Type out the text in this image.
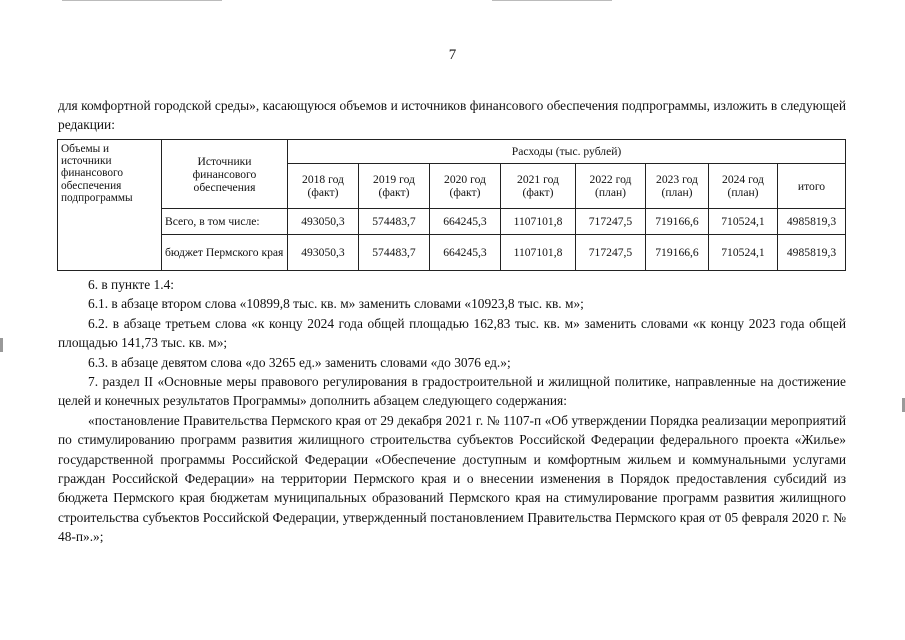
7
для комфортной городской среды», касающуюся объемов и источников финансового обеспечения подпрограммы, изложить в следующей редакции:
Объемы и источники финансового обеспечения подпрограммы	Источники финансового обеспечения	Расходы (тыс. рублей)							
		2018 год (факт)	2019 год (факт)	2020 год (факт)	2021 год (факт)	2022 год (план)	2023 год (план)	2024 год (план)	итого
	Всего, в том числе:	493050,3	574483,7	664245,3	1107101,8	717247,5	719166,6	710524,1	4985819,3
	бюджет Пермского края	493050,3	574483,7	664245,3	1107101,8	717247,5	719166,6	710524,1	4985819,3

6. в пункте 1.4:

6.1. в абзаце втором слова «10899,8 тыс. кв. м» заменить словами «10923,8 тыс. кв. м»;

6.2. в абзаце третьем слова «к концу 2024 года общей площадью 162,83 тыс. кв. м» заменить словами «к концу 2023 года общей площадью 141,73 тыс. кв. м»;

6.3. в абзаце девятом слова «до 3265 ед.» заменить словами «до 3076 ед.»;

7. раздел II «Основные меры правового регулирования в градостроительной и жилищной политике, направленные на достижение целей и конечных результатов Программы» дополнить абзацем следующего содержания:

«постановление Правительства Пермского края от 29 декабря 2021 г. № 1107-п «Об утверждении Порядка реализации мероприятий по стимулированию программ развития жилищного строительства субъектов Российской Федерации федерального проекта «Жилье» государственной программы Российской Федерации «Обеспечение доступным и комфортным жильем и коммунальными услугами граждан Российской Федерации» на территории Пермского края и о внесении изменения в Порядок предоставления субсидий из бюджета Пермского края бюджетам муниципальных образований Пермского края на стимулирование программ развития жилищного строительства субъектов Российской Федерации, утвержденный постановлением Правительства Пермского края от 05 февраля 2020 г. № 48-п».»;
